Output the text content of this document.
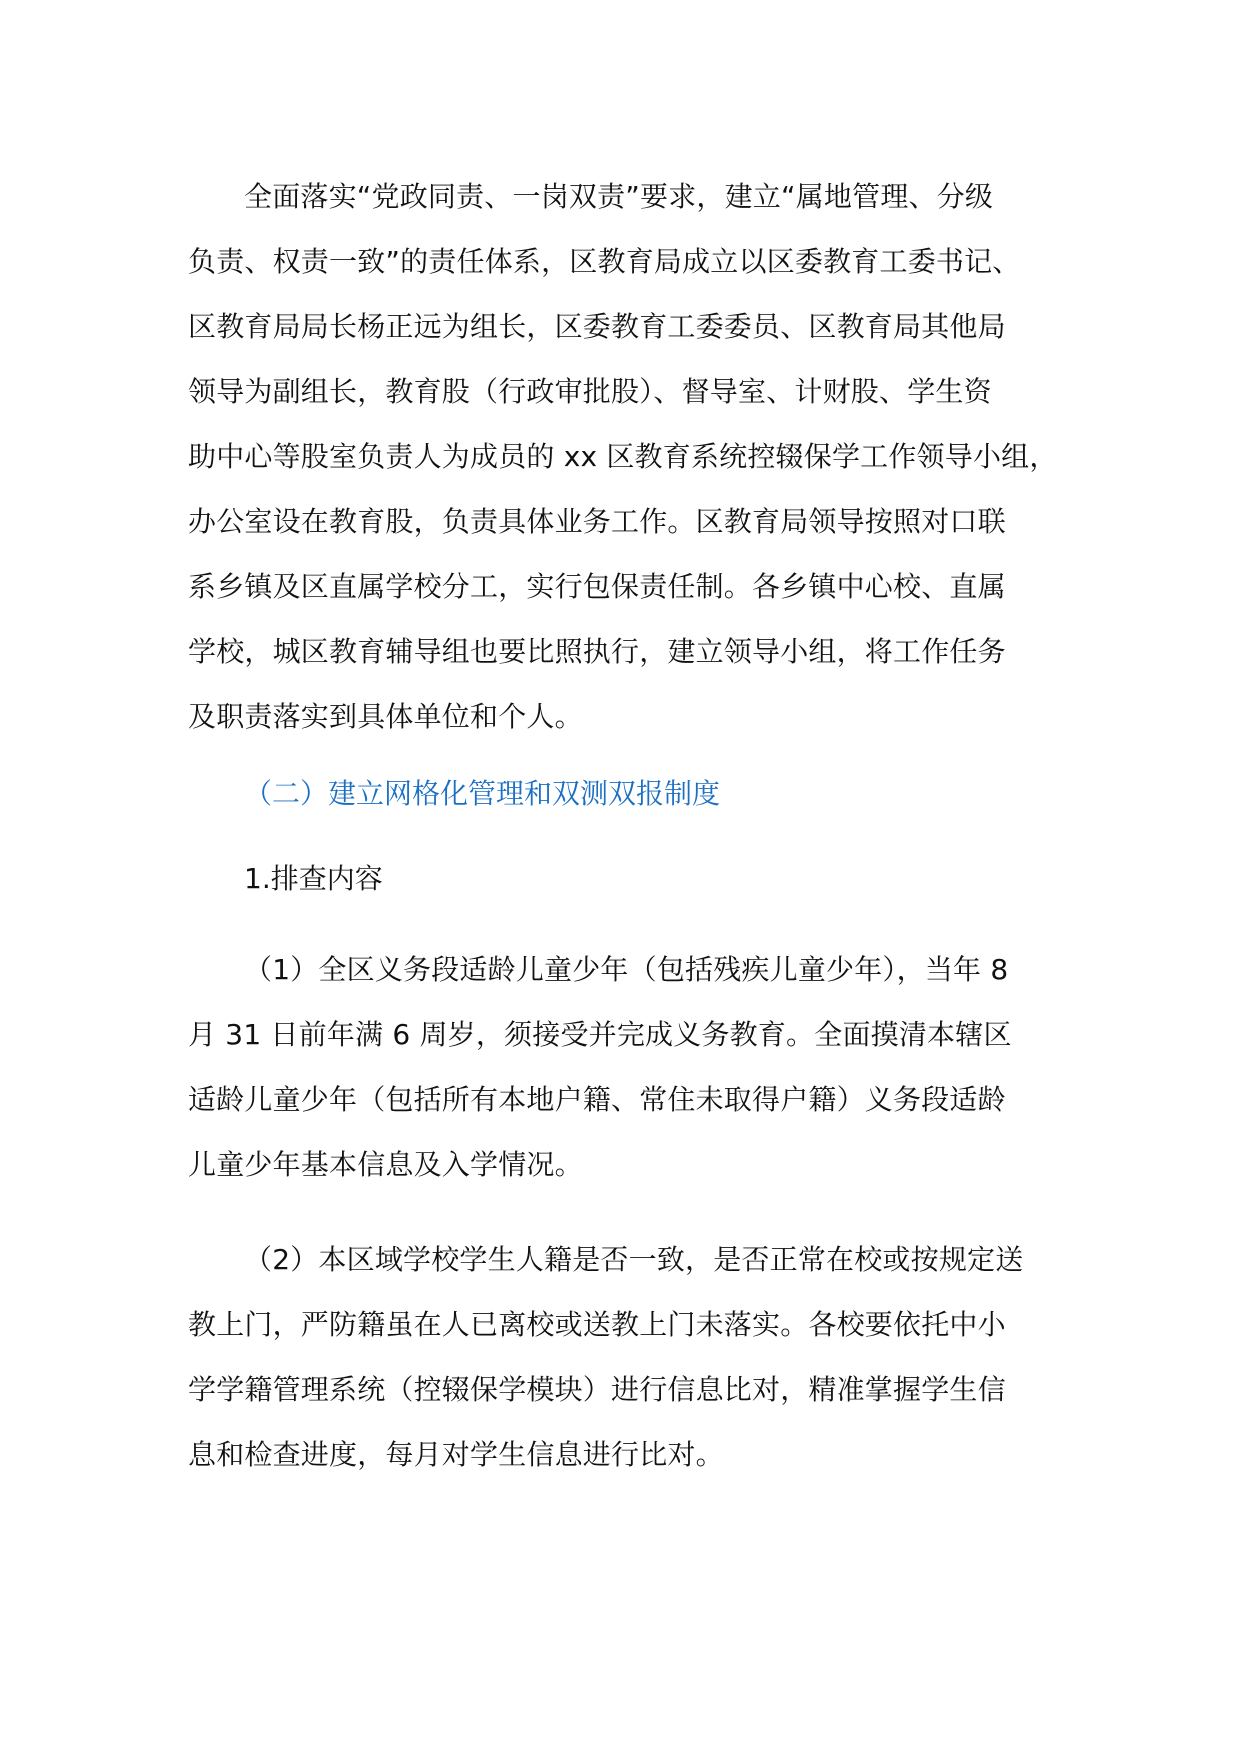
全面落实“党政同责、一岗双责”要求，建立“属地管理、分级
负责、权责一致”的责任体系，区教育局成立以区委教育工委书记、
区教育局局长杨正远为组长，区委教育工委委员、区教育局其他局
领导为副组长，教育股（行政审批股）、督导室、计财股、学生资
助中心等股室负责人为成员的 xx 区教育系统控辍保学工作领导小组，
办公室设在教育股，负责具体业务工作。区教育局领导按照对口联
系乡镇及区直属学校分工，实行包保责任制。各乡镇中心校、直属
学校，城区教育辅导组也要比照执行，建立领导小组，将工作任务
及职责落实到具体单位和个人。

（二）建立网格化管理和双测双报制度

1.排查内容

（1）全区义务段适龄儿童少年（包括残疾儿童少年），当年 8
月 31 日前年满 6 周岁，须接受并完成义务教育。全面摸清本辖区
适龄儿童少年（包括所有本地户籍、常住未取得户籍）义务段适龄
儿童少年基本信息及入学情况。

（2）本区域学校学生人籍是否一致，是否正常在校或按规定送
教上门，严防籍虽在人已离校或送教上门未落实。各校要依托中小
学学籍管理系统（控辍保学模块）进行信息比对，精准掌握学生信
息和检查进度，每月对学生信息进行比对。
